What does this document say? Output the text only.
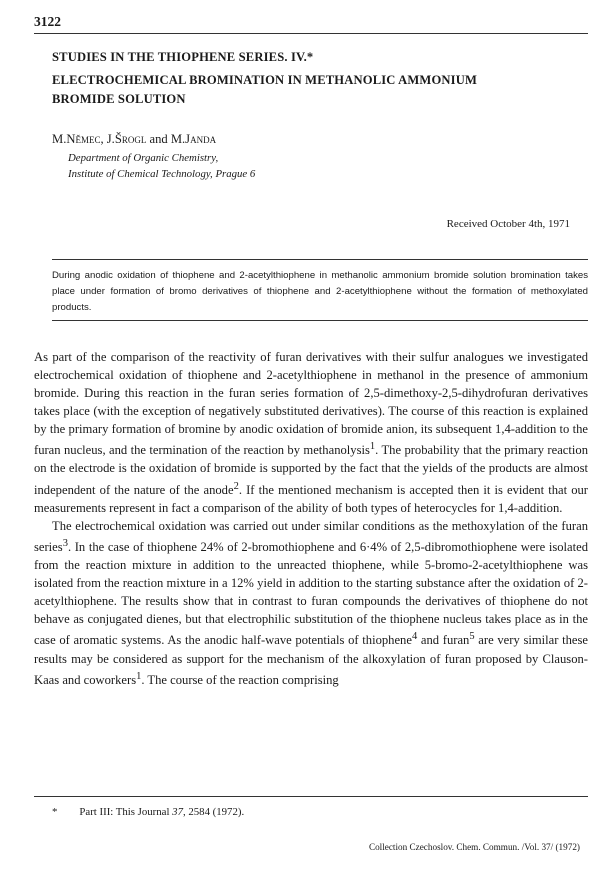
3122
STUDIES IN THE THIOPHENE SERIES. IV.*
ELECTROCHEMICAL BROMINATION IN METHANOLIC AMMONIUM
BROMIDE SOLUTION
M.Němec, J.Šrogl and M.Janda
Department of Organic Chemistry,
Institute of Chemical Technology, Prague 6
Received October 4th, 1971
During anodic oxidation of thiophene and 2-acetylthiophene in methanolic ammonium bromide solution bromination takes place under formation of bromo derivatives of thiophene and 2-acetylthiophene without the formation of methoxylated products.

As part of the comparison of the reactivity of furan derivatives with their sulfur analogues we investigated electrochemical oxidation of thiophene and 2-acetylthiophene in methanol in the presence of ammonium bromide. During this reaction in the furan series formation of 2,5-dimethoxy-2,5-dihydrofuran derivatives takes place (with the exception of negatively substituted derivatives). The course of this reaction is explained by the primary formation of bromine by anodic oxidation of bromide anion, its subsequent 1,4-addition to the furan nucleus, and the termination of the reaction by methanolysis$^1$. The probability that the primary reaction on the electrode is the oxidation of bromide is supported by the fact that the yields of the products are almost independent of the nature of the anode$^2$. If the mentioned mechanism is accepted then it is evident that our measurements represent in fact a comparison of the ability of both types of heterocycles for 1,4-addition.

The electrochemical oxidation was carried out under similar conditions as the methoxylation of the furan series$^3$. In the case of thiophene 24% of 2-bromothiophene and 6·4% of 2,5-dibromothiophene were isolated from the reaction mixture in addition to the unreacted thiophene, while 5-bromo-2-acetylthiophene was isolated from the reaction mixture in a 12% yield in addition to the starting substance after the oxidation of 2-acetylthiophene. The results show that in contrast to furan compounds the derivatives of thiophene do not behave as conjugated dienes, but that electrophilic substitution of the thiophene nucleus takes place as in the case of aromatic systems. As the anodic half-wave potentials of thiophene$^4$ and furan$^5$ are very similar these results may be considered as support for the mechanism of the alkoxylation of furan proposed by Clauson-Kaas and coworkers$^1$. The course of the reaction comprising

* Part III: This Journal 37, 2584 (1972).
Collection Czechoslov. Chem. Commun. /Vol. 37/ (1972)
